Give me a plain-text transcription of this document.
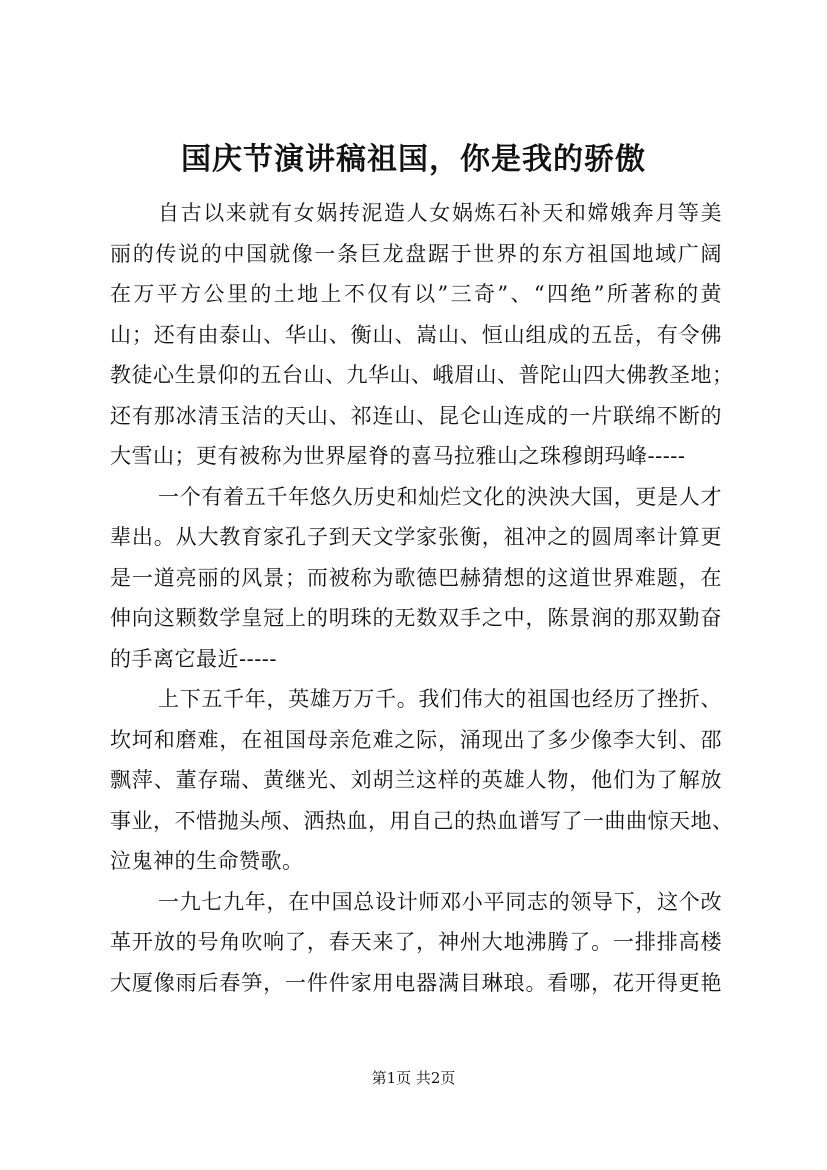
国庆节演讲稿祖国，你是我的骄傲
自古以来就有女娲抟泥造人女娲炼石补天和嫦娥奔月等美
丽的传说的中国就像一条巨龙盘踞于世界的东方祖国地域广阔
在万平方公里的土地上不仅有以”三奇”、“四绝”所著称的黄
山；还有由泰山、华山、衡山、嵩山、恒山组成的五岳，有令佛
教徒心生景仰的五台山、九华山、峨眉山、普陀山四大佛教圣地；
还有那冰清玉洁的天山、祁连山、昆仑山连成的一片联绵不断的
大雪山；更有被称为世界屋脊的喜马拉雅山之珠穆朗玛峰-----
一个有着五千年悠久历史和灿烂文化的泱泱大国，更是人才
辈出。从大教育家孔子到天文学家张衡，祖冲之的圆周率计算更
是一道亮丽的风景；而被称为歌德巴赫猜想的这道世界难题，在
伸向这颗数学皇冠上的明珠的无数双手之中，陈景润的那双勤奋
的手离它最近-----
上下五千年，英雄万万千。我们伟大的祖国也经历了挫折、
坎坷和磨难，在祖国母亲危难之际，涌现出了多少像李大钊、邵
飘萍、董存瑞、黄继光、刘胡兰这样的英雄人物，他们为了解放
事业，不惜抛头颅、洒热血，用自己的热血谱写了一曲曲惊天地、
泣鬼神的生命赞歌。
一九七九年，在中国总设计师邓小平同志的领导下，这个改
革开放的号角吹响了，春天来了，神州大地沸腾了。一排排高楼
大厦像雨后春笋，一件件家用电器满目琳琅。看哪，花开得更艳
第1页 共2页
